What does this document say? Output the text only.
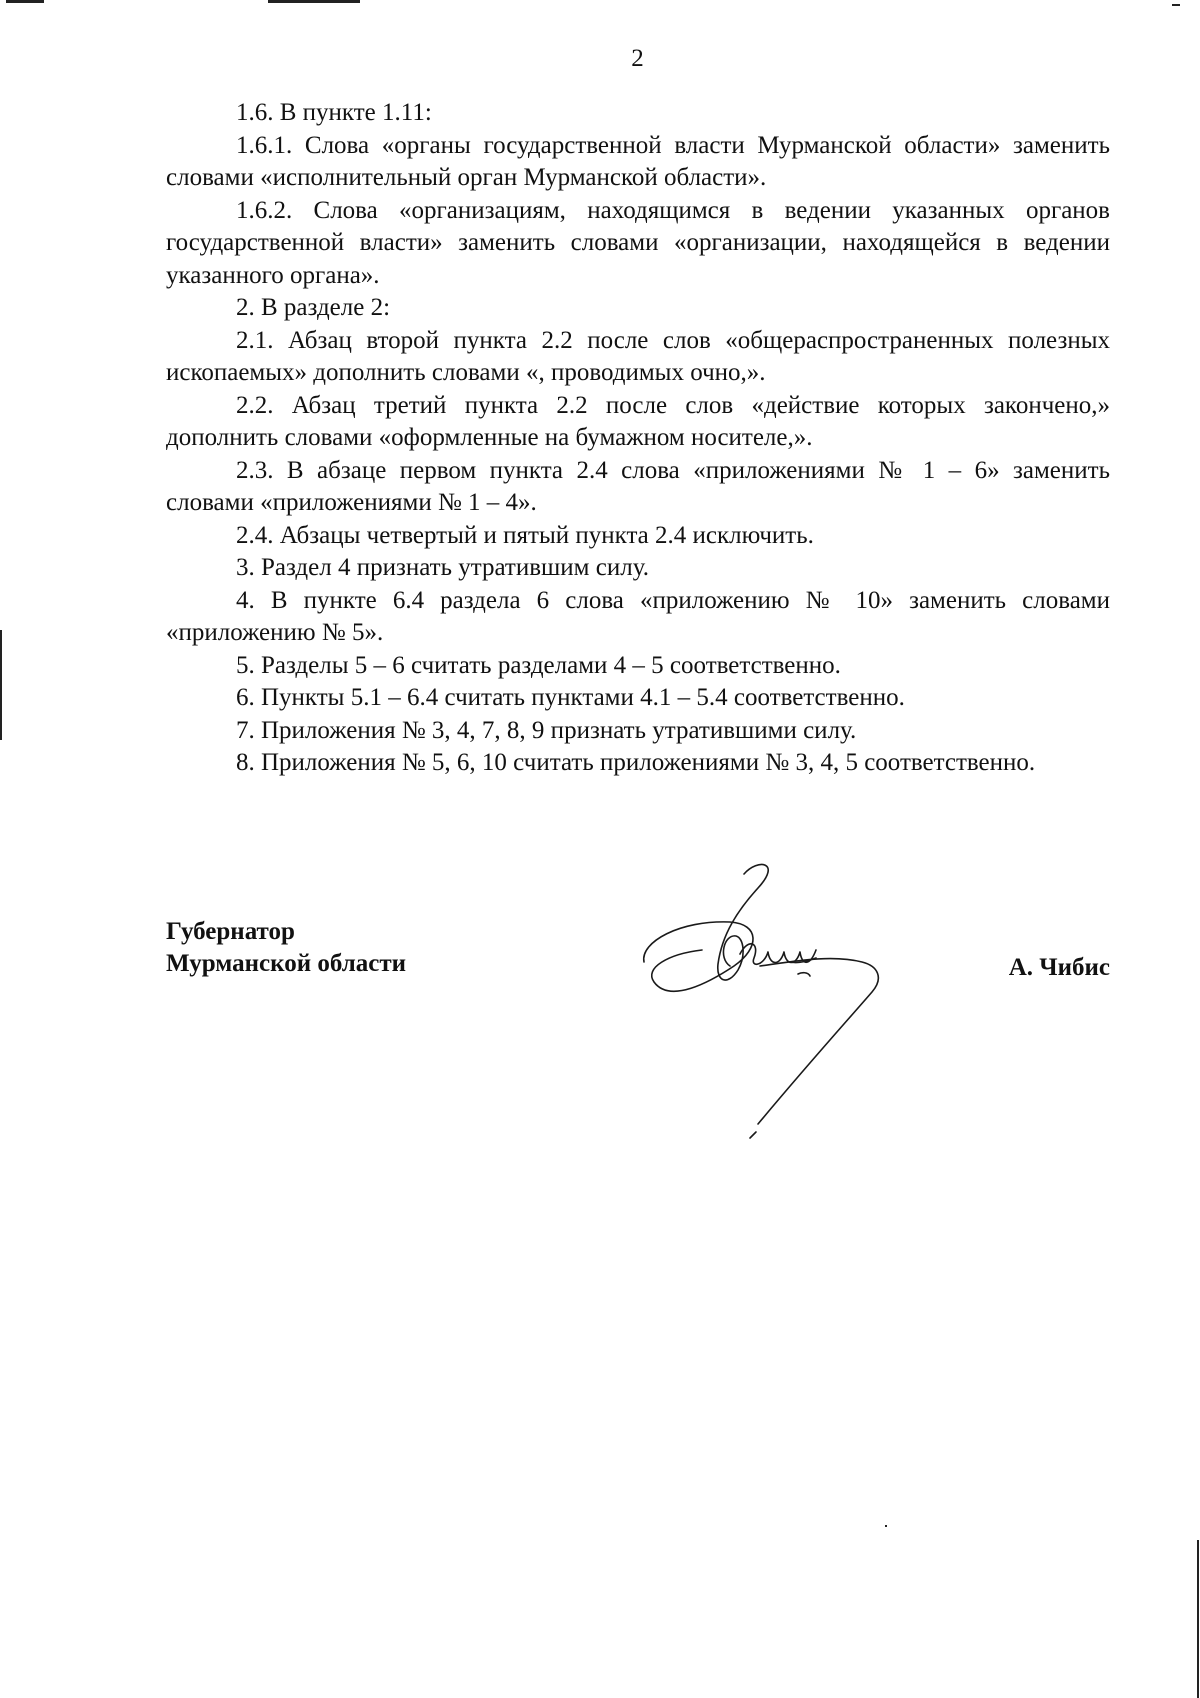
2

1.6. В пункте 1.11:

1.6.1. Слова «органы государственной власти Мурманской области» заменить словами «исполнительный орган Мурманской области».

1.6.2. Слова «организациям, находящимся в ведении указанных органов государственной власти» заменить словами «организации, находящейся в ведении указанного органа».

2. В разделе 2:

2.1. Абзац второй пункта 2.2 после слов «общераспространенных полезных ископаемых» дополнить словами «, проводимых очно,».

2.2. Абзац третий пункта 2.2 после слов «действие которых закончено,» дополнить словами «оформленные на бумажном носителе,».

2.3. В абзаце первом пункта 2.4 слова «приложениями № 1 – 6» заменить словами «приложениями № 1 – 4».

2.4. Абзацы четвертый и пятый пункта 2.4 исключить.

3. Раздел 4 признать утратившим силу.

4. В пункте 6.4 раздела 6 слова «приложению № 10» заменить словами «приложению № 5».

5. Разделы 5 – 6 считать разделами 4 – 5 соответственно.

6. Пункты 5.1 – 6.4 считать пунктами 4.1 – 5.4 соответственно.

7. Приложения № 3, 4, 7, 8, 9 признать утратившими силу.

8. Приложения № 5, 6, 10 считать приложениями № 3, 4, 5 соответственно.

Губернатор
Мурманской области	А. Чибис
